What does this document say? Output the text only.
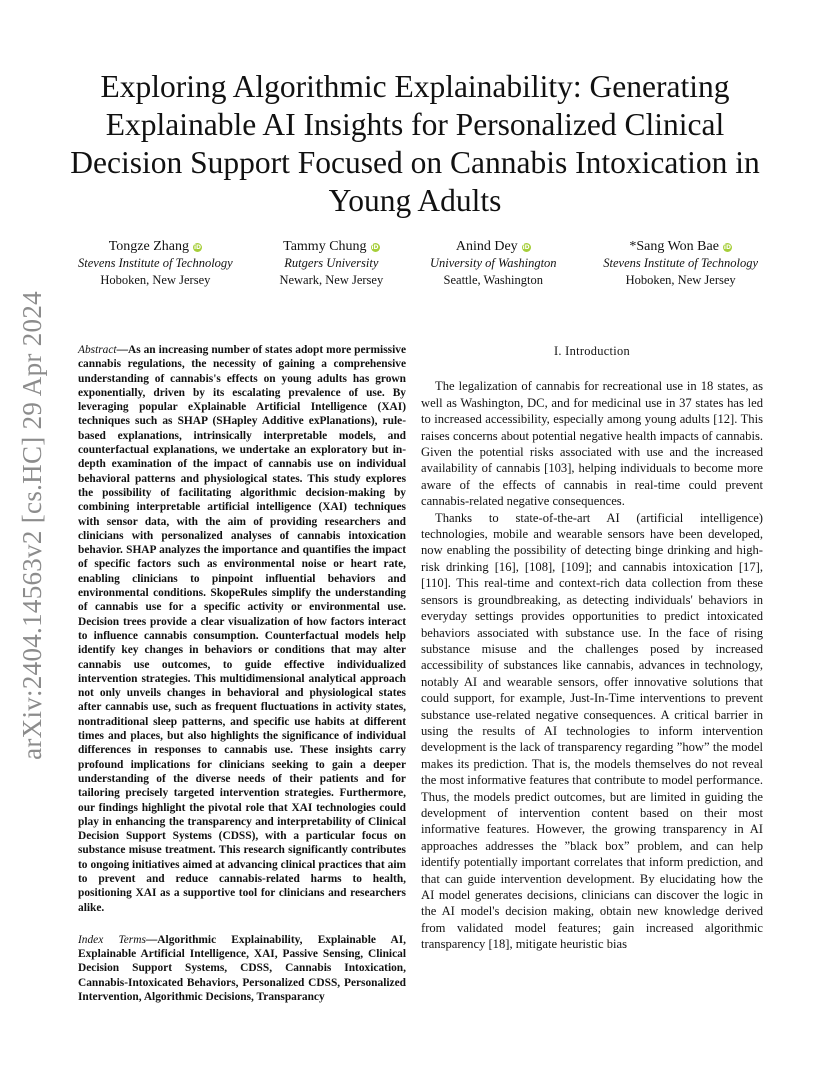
arXiv:2404.14563v2 [cs.HC] 29 Apr 2024
Exploring Algorithmic Explainability: Generating Explainable AI Insights for Personalized Clinical Decision Support Focused on Cannabis Intoxication in Young Adults
Tongze Zhang iD
Stevens Institute of Technology
Hoboken, New Jersey
Tammy Chung iD
Rutgers University
Newark, New Jersey
Anind Dey iD
University of Washington
Seattle, Washington
*Sang Won Bae iD
Stevens Institute of Technology
Hoboken, New Jersey

Abstract—As an increasing number of states adopt more permissive cannabis regulations, the necessity of gaining a comprehensive understanding of cannabis's effects on young adults has grown exponentially, driven by its escalating prevalence of use. By leveraging popular eXplainable Artificial Intelligence (XAI) techniques such as SHAP (SHapley Additive exPlanations), rule-based explanations, intrinsically interpretable models, and counterfactual explanations, we undertake an exploratory but in-depth examination of the impact of cannabis use on individual behavioral patterns and physiological states. This study explores the possibility of facilitating algorithmic decision-making by combining interpretable artificial intelligence (XAI) techniques with sensor data, with the aim of providing researchers and clinicians with personalized analyses of cannabis intoxication behavior. SHAP analyzes the importance and quantifies the impact of specific factors such as environmental noise or heart rate, enabling clinicians to pinpoint influential behaviors and environmental conditions. SkopeRules simplify the understanding of cannabis use for a specific activity or environmental use. Decision trees provide a clear visualization of how factors interact to influence cannabis consumption. Counterfactual models help identify key changes in behaviors or conditions that may alter cannabis use outcomes, to guide effective individualized intervention strategies. This multidimensional analytical approach not only unveils changes in behavioral and physiological states after cannabis use, such as frequent fluctuations in activity states, nontraditional sleep patterns, and specific use habits at different times and places, but also highlights the significance of individual differences in responses to cannabis use. These insights carry profound implications for clinicians seeking to gain a deeper understanding of the diverse needs of their patients and for tailoring precisely targeted intervention strategies. Furthermore, our findings highlight the pivotal role that XAI technologies could play in enhancing the transparency and interpretability of Clinical Decision Support Systems (CDSS), with a particular focus on substance misuse treatment. This research significantly contributes to ongoing initiatives aimed at advancing clinical practices that aim to prevent and reduce cannabis-related harms to health, positioning XAI as a supportive tool for clinicians and researchers alike.

Index Terms—Algorithmic Explainability, Explainable AI, Explainable Artificial Intelligence, XAI, Passive Sensing, Clinical Decision Support Systems, CDSS, Cannabis Intoxication, Cannabis-Intoxicated Behaviors, Personalized CDSS, Personalized Intervention, Algorithmic Decisions, Transparancy

I. Introduction

The legalization of cannabis for recreational use in 18 states, as well as Washington, DC, and for medicinal use in 37 states has led to increased accessibility, especially among young adults [12]. This raises concerns about potential negative health impacts of cannabis. Given the potential risks associated with use and the increased availability of cannabis [103], helping individuals to become more aware of the effects of cannabis in real-time could prevent cannabis-related negative consequences.

Thanks to state-of-the-art AI (artificial intelligence) technologies, mobile and wearable sensors have been developed, now enabling the possibility of detecting binge drinking and high-risk drinking [16], [108], [109]; and cannabis intoxication [17], [110]. This real-time and context-rich data collection from these sensors is groundbreaking, as detecting individuals' behaviors in everyday settings provides opportunities to predict intoxicated behaviors associated with substance use. In the face of rising substance misuse and the challenges posed by increased accessibility of substances like cannabis, advances in technology, notably AI and wearable sensors, offer innovative solutions that could support, for example, Just-In-Time interventions to prevent substance use-related negative consequences. A critical barrier in using the results of AI technologies to inform intervention development is the lack of transparency regarding ”how” the model makes its prediction. That is, the models themselves do not reveal the most informative features that contribute to model performance. Thus, the models predict outcomes, but are limited in guiding the development of intervention content based on their most informative features. However, the growing transparency in AI approaches addresses the ”black box” problem, and can help identify potentially important correlates that inform prediction, and that can guide intervention development. By elucidating how the AI model generates decisions, clinicians can discover the logic in the AI model's decision making, obtain new knowledge derived from validated model features; gain increased algorithmic transparency [18], mitigate heuristic bias
